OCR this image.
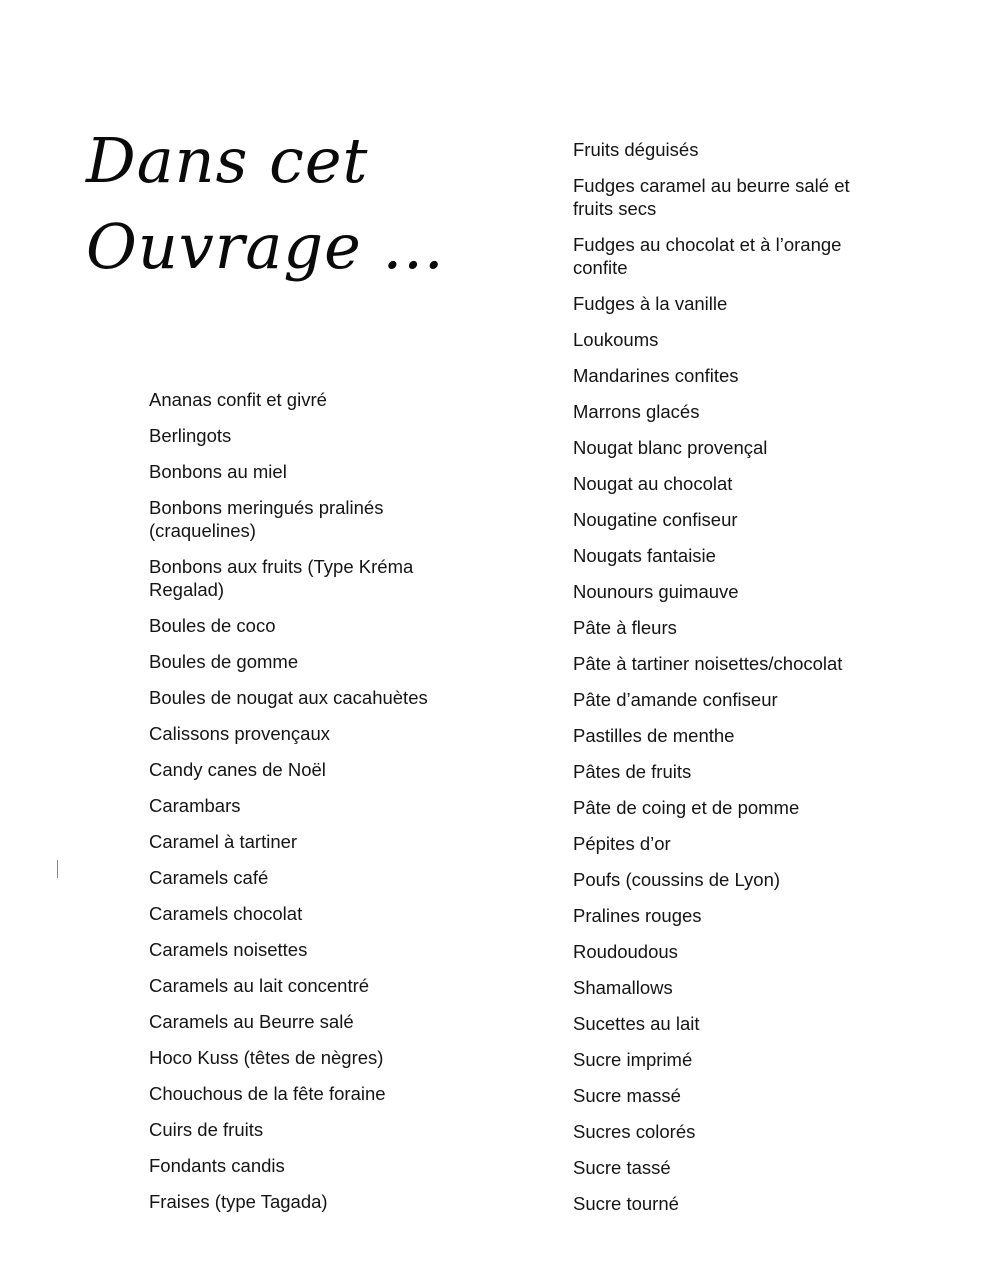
Dans cet
Ouvrage ...
Ananas confit et givré
Berlingots
Bonbons au miel
Bonbons meringués pralinés (craquelines)
Bonbons aux fruits (Type Kréma Regalad)
Boules de coco
Boules de gomme
Boules de nougat aux cacahuètes
Calissons provençaux
Candy canes de Noël
Carambars
Caramel à tartiner
Caramels café
Caramels chocolat
Caramels noisettes
Caramels au lait concentré
Caramels au Beurre salé
Hoco Kuss (têtes de nègres)
Chouchous de la fête foraine
Cuirs de fruits
Fondants candis
Fraises (type Tagada)
Fruits déguisés
Fudges caramel au beurre salé et fruits secs
Fudges au chocolat et à l’orange confite
Fudges à la vanille
Loukoums
Mandarines confites
Marrons glacés
Nougat blanc provençal
Nougat au chocolat
Nougatine confiseur
Nougats fantaisie
Nounours guimauve
Pâte à fleurs
Pâte à tartiner noisettes/chocolat
Pâte d’amande confiseur
Pastilles de menthe
Pâtes de fruits
Pâte de coing et de pomme
Pépites d’or
Poufs (coussins de Lyon)
Pralines rouges
Roudoudous
Shamallows
Sucettes au lait
Sucre imprimé
Sucre massé
Sucres colorés
Sucre tassé
Sucre tourné
